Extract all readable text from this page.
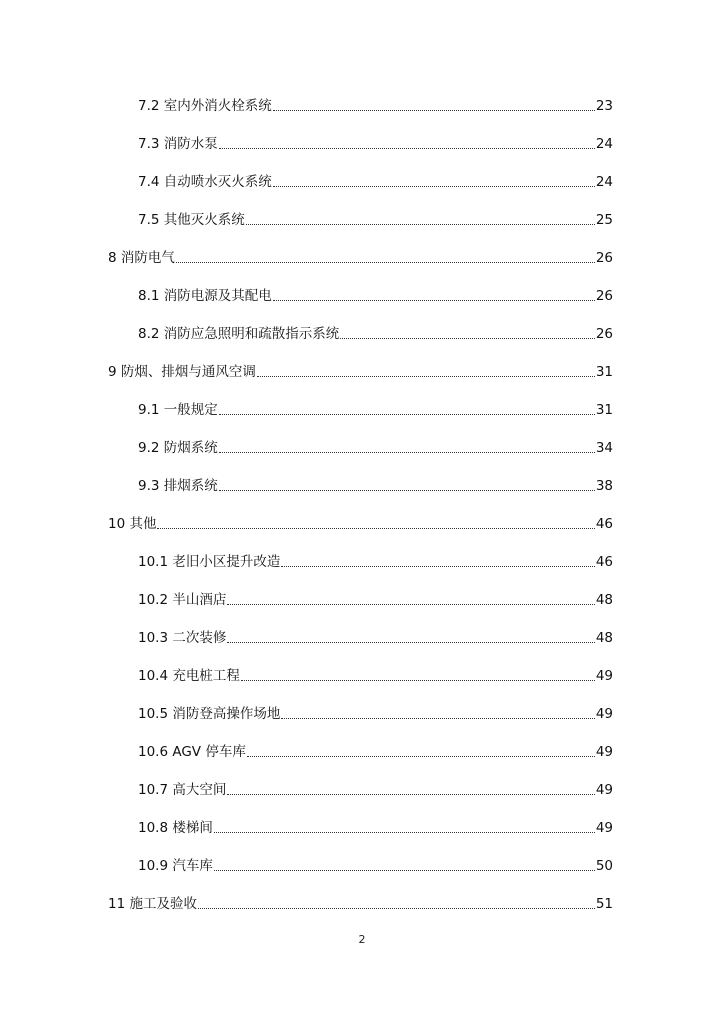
7.2 室内外消火栓系统	23
7.3 消防水泵	24
7.4 自动喷水灭火系统	24
7.5 其他灭火系统	25
8 消防电气	26
8.1 消防电源及其配电	26
8.2 消防应急照明和疏散指示系统	26
9 防烟、排烟与通风空调	31
9.1 一般规定	31
9.2 防烟系统	34
9.3 排烟系统	38
10 其他	46
10.1 老旧小区提升改造	46
10.2 半山酒店	48
10.3 二次装修	48
10.4 充电桩工程	49
10.5 消防登高操作场地	49
10.6 AGV 停车库	49
10.7 高大空间	49
10.8 楼梯间	49
10.9 汽车库	50
11 施工及验收	51
2
